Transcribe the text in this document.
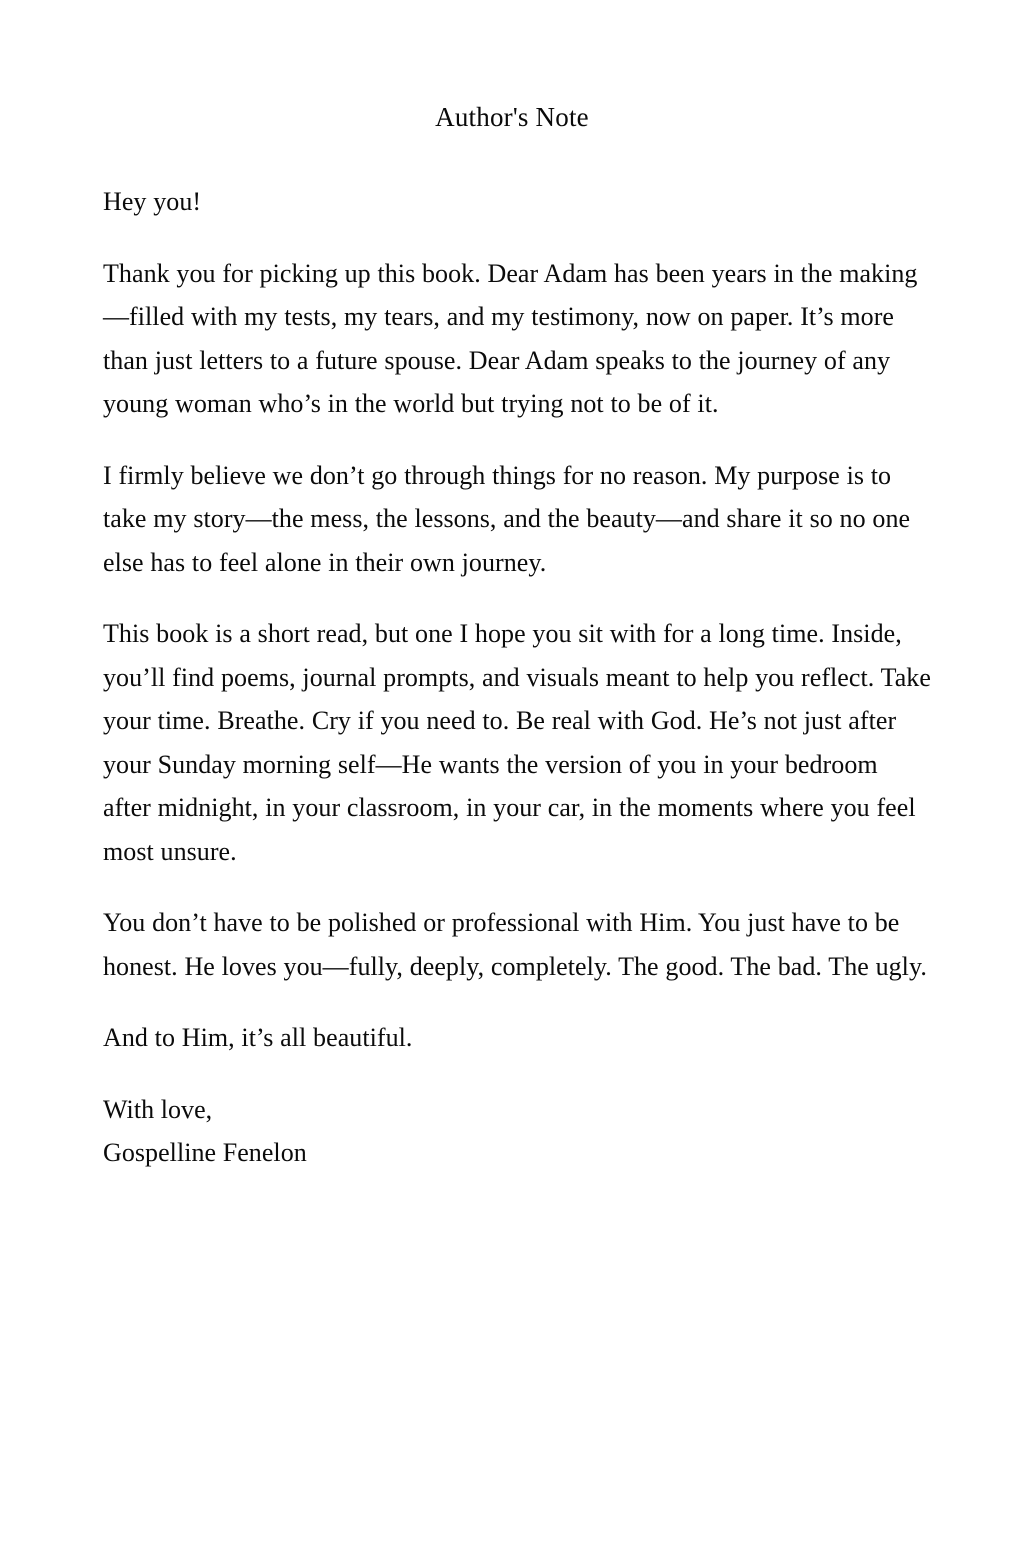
Author's Note

Hey you!

Thank you for picking up this book. Dear Adam has been years in the making—filled with my tests, my tears, and my testimony, now on paper. It’s more than just letters to a future spouse. Dear Adam speaks to the journey of any young woman who’s in the world but trying not to be of it.

I firmly believe we don’t go through things for no reason. My purpose is to take my story—the mess, the lessons, and the beauty—and share it so no one else has to feel alone in their own journey.

This book is a short read, but one I hope you sit with for a long time. Inside, you’ll find poems, journal prompts, and visuals meant to help you reflect. Take your time. Breathe. Cry if you need to. Be real with God. He’s not just after your Sunday morning self—He wants the version of you in your bedroom after midnight, in your classroom, in your car, in the moments where you feel most unsure.

You don’t have to be polished or professional with Him. You just have to be honest. He loves you—fully, deeply, completely. The good. The bad. The ugly.

And to Him, it’s all beautiful.

With love,
Gospelline Fenelon
